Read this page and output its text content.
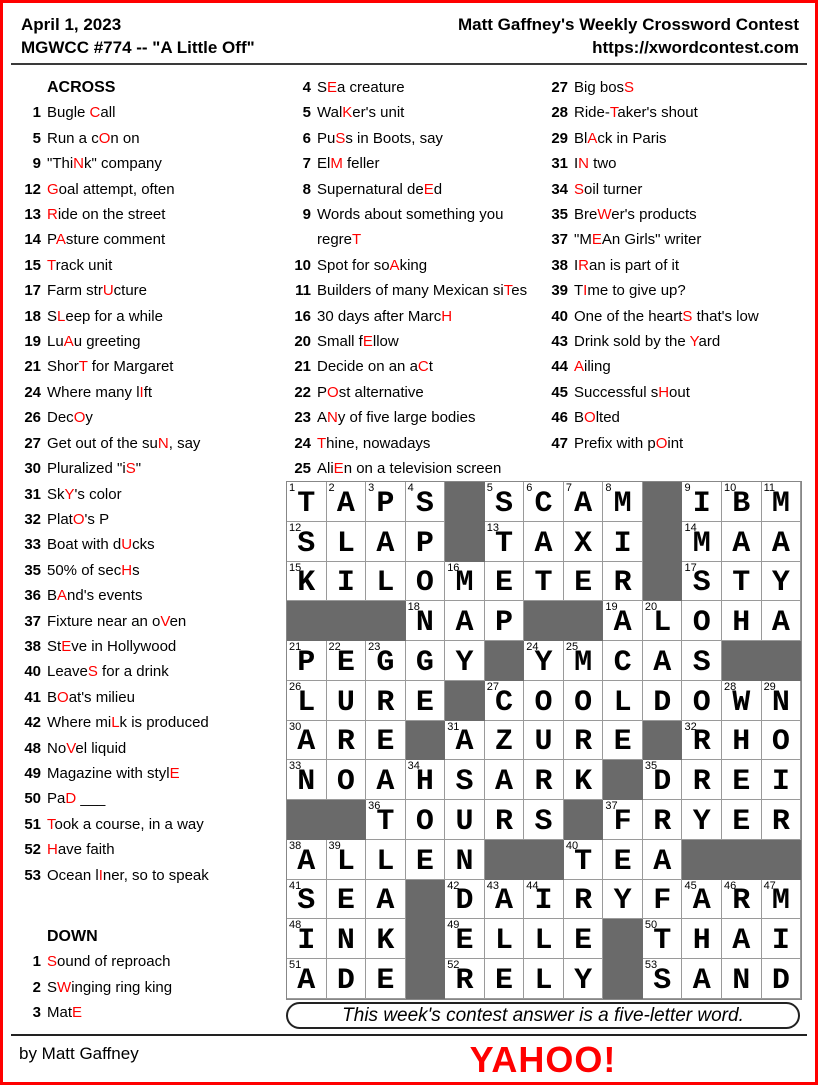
April 1, 2023	Matt Gaffney's Weekly Crossword Contest
MGWCC #774 -- "A Little Off"	https://xwordcontest.com
ACROSS
1 Bugle Call
5 Run a cOn on
9 "ThiNk" company
12 Goal attempt, often
13 Ride on the street
14 PAsture comment
15 Track unit
17 Farm strUcture
18 SLeep for a while
19 LuAu greeting
21 ShorT for Margaret
24 Where many lIft
26 DecOy
27 Get out of the suN, say
30 Pluralized "iS"
31 SkY's color
32 PlatO's P
33 Boat with dUcks
35 50% of secHs
36 BAnd's events
37 Fixture near an oVen
38 StEve in Hollywood
40 LeaveS for a drink
41 BOat's milieu
42 Where miLk is produced
48 NoVel liquid
49 Magazine with stylE
50 PaD ___
51 Took a course, in a way
52 Have faith
53 Ocean lIner, so to speak
DOWN
1 Sound of reproach
2 SWinging ring king
3 MatE
4 SEa creature
5 WalKer's unit
6 PuSs in Boots, say
7 ElM feller
8 Supernatural deEd
9 Words about something you regreT
10 Spot for soAking
11 Builders of many Mexican siTes
16 30 days after MarcH
20 Small fEllow
21 Decide on an aCt
22 POst alternative
23 ANy of five large bodies
24 Thine, nowadays
25 AliEn on a television screen
27 Big bosS
28 Ride-Taker's shout
29 BlAck in Paris
31 IN two
34 Soil turner
35 BreWer's products
37 "MEAn Girls" writer
38 IRan is part of it
39 TIme to give up?
40 One of the heartS that's low
43 Drink sold by the Yard
44 Ailing
45 Successful sHout
46 BOlted
47 Prefix with pOint
1 T	2 A	3 P	4 S	5 S	6 C	7 A	8 M	9 I	10
B	11
M
12
S L A P	13
T A X I	14
M A A
15
K I L O	16
M E T E R	17
S T Y
18
N A P	19
A	20
L O H A
21
P	22
E	23
G G Y	24
Y	25
M C A S
26
L U R E	27
C O O L D O	28
W	29
N
30
A R E	31
A Z U R E	32
R H O
33
N O A	34
H S A R K	35
D R E I
36
T O U R S	37
F R Y E R
38
A	39
L L E N	40
T E A
41
S E A	42
D	43
A	44
I R Y F	45
A	46
R	47
M
48
I N K	49
E L L E	50
T H A I
51
A D E	52
R E L Y	53
S A N D
This week's contest answer is a five-letter word.
by Matt Gaffney	YAHOO!
